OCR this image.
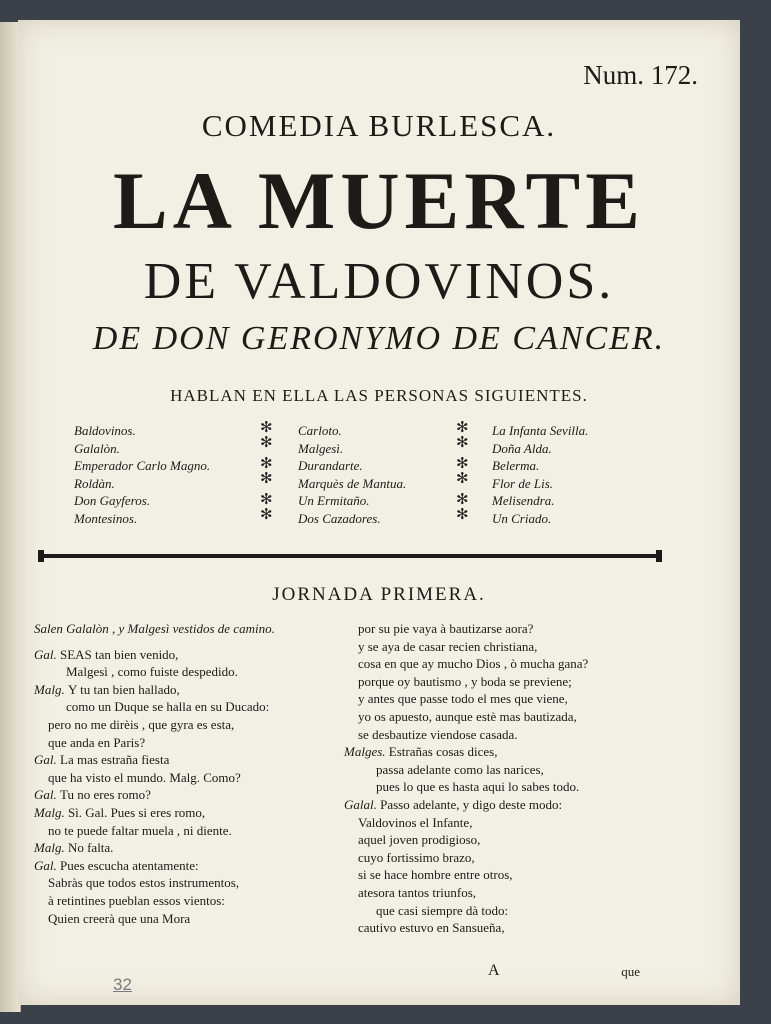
Num. 172.
COMEDIA BURLESCA.
LA MUERTE
DE VALDOVINOS.
DE DON GERONYMO DE CANCER.
HABLAN EN ELLA LAS PERSONAS SIGUIENTES.
Baldovinos.
Galalòn.
Emperador Carlo Magno.
Roldàn.
Don Gayferos.
Montesinos.
✻
✻
✻
✻
✻
✻
Carloto.
Malgesì.
Durandarte.
Marquès de Mantua.
Un Ermitaño.
Dos Cazadores.
✻
✻
✻
✻
✻
✻
La Infanta Sevilla.
Doña Alda.
Belerma.
Flor de Lis.
Melisendra.
Un Criado.
JORNADA PRIMERA.
Salen Galalòn , y Malgesì vestidos de camino.
Gal. SEAS tan bien venido,
Malgesì , como fuiste despedido.
Malg. Y tu tan bien hallado,
como un Duque se halla en su Ducado:
pero no me dirèis , que gyra es esta,
que anda en Paris?
Gal. La mas estraña fiesta
que ha visto el mundo. Malg. Como?
Gal. Tu no eres romo?
Malg. Sì. Gal. Pues si eres romo,
no te puede faltar muela , ni diente.
Malg. No falta.
Gal. Pues escucha atentamente:
Sabràs que todos estos instrumentos,
à retintines pueblan essos vientos:
Quien creerà que una Mora
por su pie vaya à bautizarse aora?
y se aya de casar recien christiana,
cosa en que ay mucho Dios , ò mucha gana?
porque oy bautismo , y boda se previene;
y antes que passe todo el mes que viene,
yo os apuesto, aunque estè mas bautizada,
se desbautize viendose casada.
Malges. Estrañas cosas dices,
passa adelante como las narices,
pues lo que es hasta aqui lo sabes todo.
Galal. Passo adelante, y digo deste modo:
Valdovinos el Infante,
aquel joven prodigioso,
cuyo fortissimo brazo,
si se hace hombre entre otros,
atesora tantos triunfos,
que casi siempre dà todo:
cautivo estuvo en Sansueña,
A	que
32
